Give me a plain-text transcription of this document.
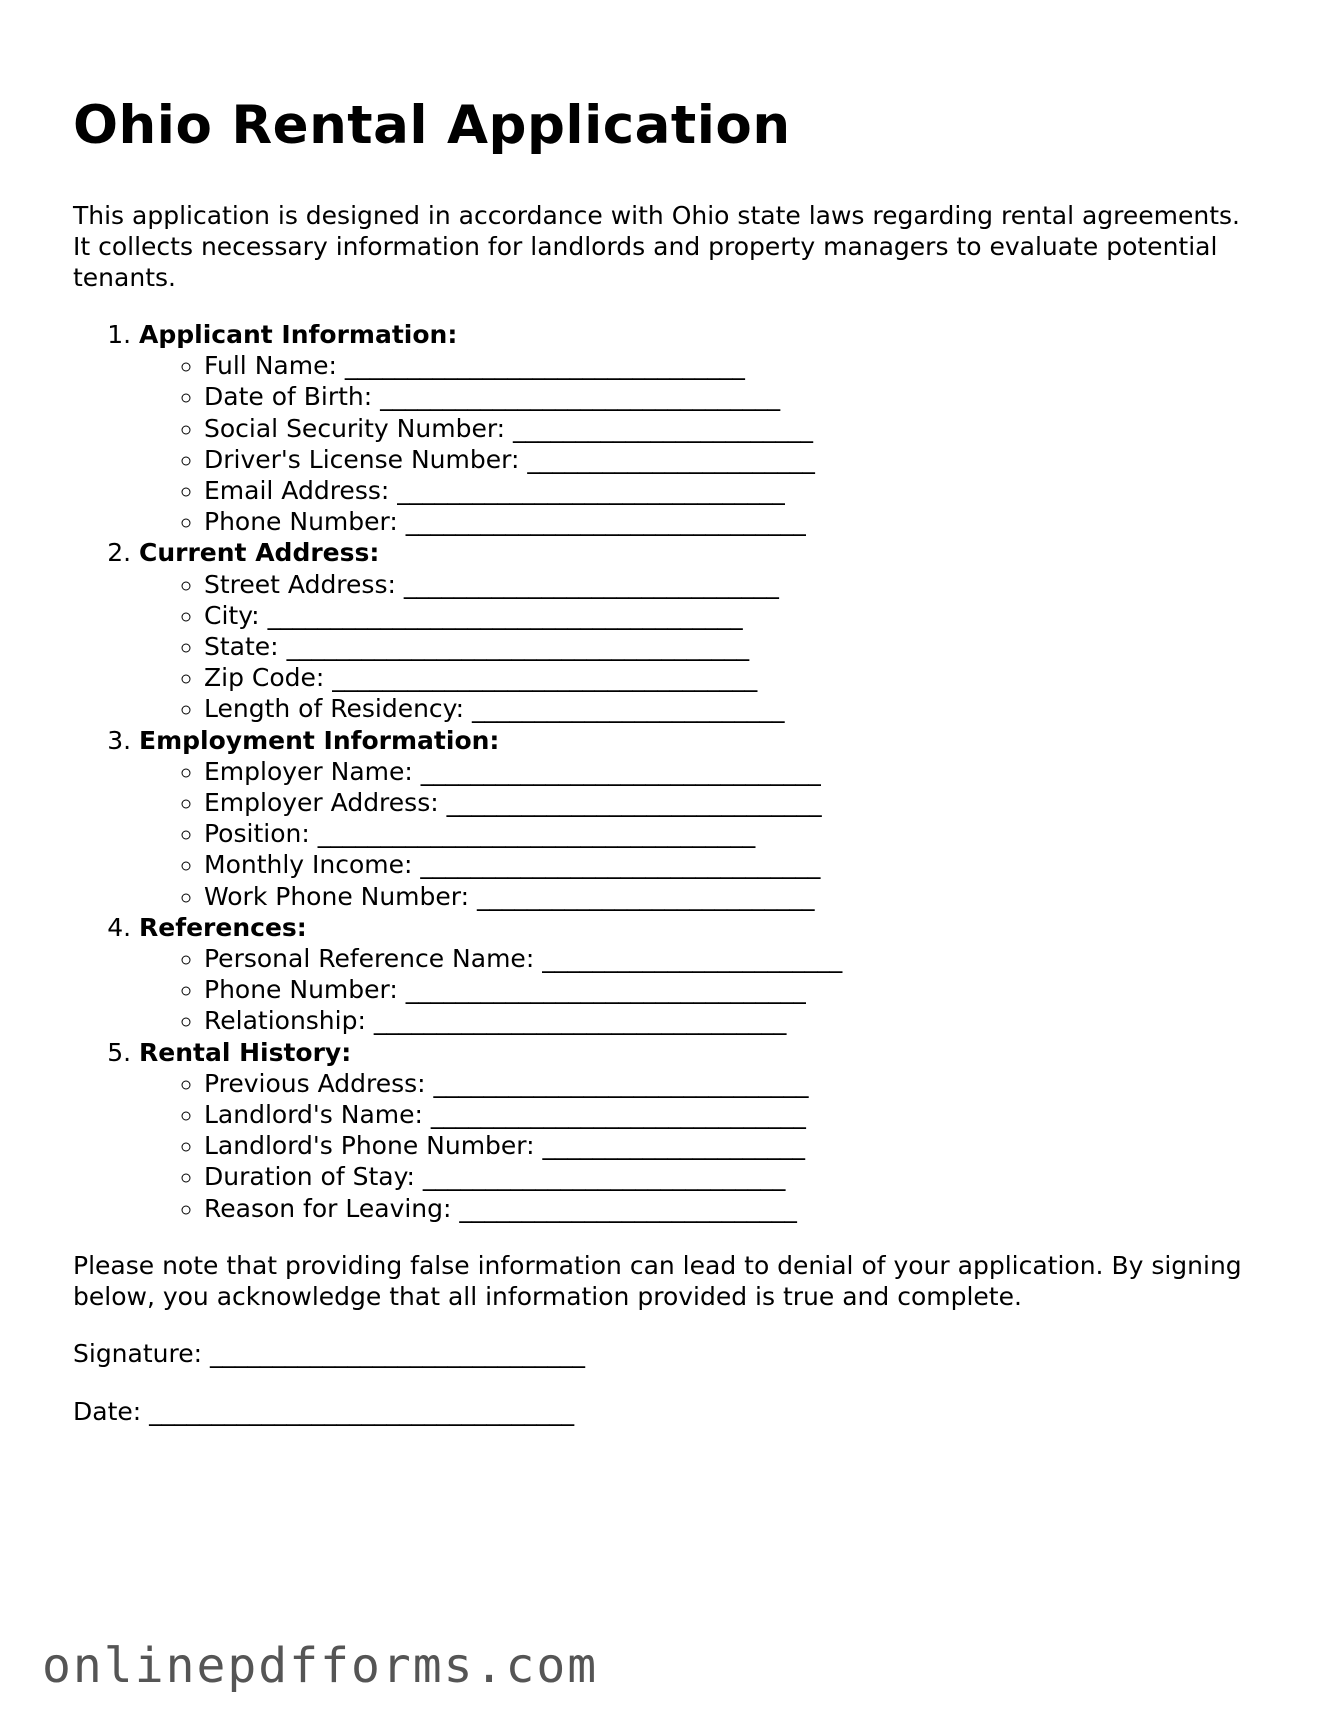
Ohio Rental Application

This application is designed in accordance with Ohio state laws regarding rental agreements. It collects necessary information for landlords and property managers to evaluate potential tenants.

1. Applicant Information:
◦ Full Name: ________________________________
◦ Date of Birth: ________________________________
◦ Social Security Number: ________________________
◦ Driver's License Number: _______________________
◦ Email Address: _______________________________
◦ Phone Number: ________________________________
2. Current Address:
◦ Street Address: ______________________________
◦ City: ______________________________________
◦ State: _____________________________________
◦ Zip Code: __________________________________
◦ Length of Residency: _________________________
3. Employment Information:
◦ Employer Name: ________________________________
◦ Employer Address: ______________________________
◦ Position: ___________________________________
◦ Monthly Income: ________________________________
◦ Work Phone Number: ___________________________
4. References:
◦ Personal Reference Name: ________________________
◦ Phone Number: ________________________________
◦ Relationship: _________________________________
5. Rental History:
◦ Previous Address: ______________________________
◦ Landlord's Name: ______________________________
◦ Landlord's Phone Number: _____________________
◦ Duration of Stay: _____________________________
◦ Reason for Leaving: ___________________________

Please note that providing false information can lead to denial of your application. By signing below, you acknowledge that all information provided is true and complete.

Signature: ______________________________

Date: __________________________________

onlinepdfforms.com
